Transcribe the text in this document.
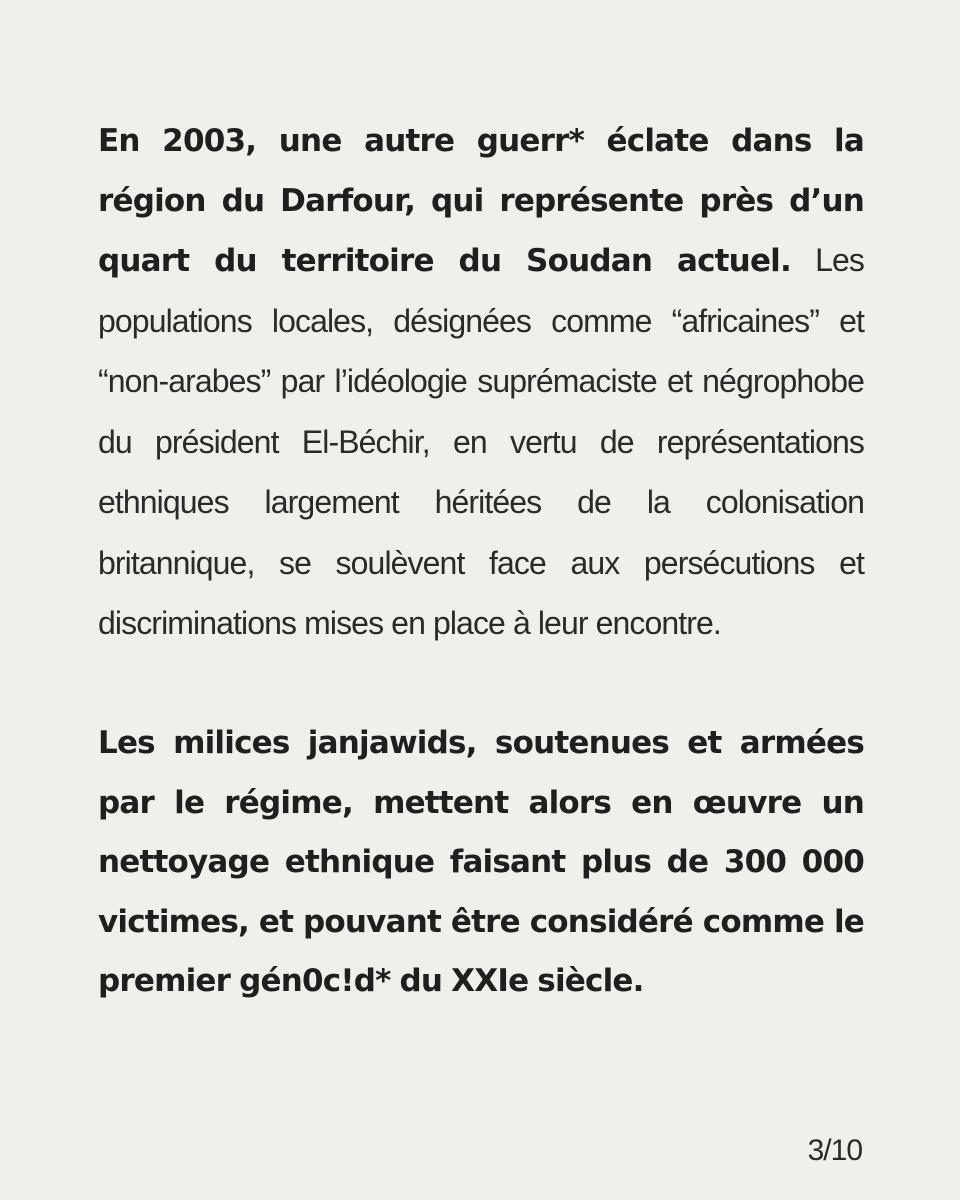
En 2003, une autre guerr* éclate dans la région du Darfour, qui représente près d’un quart du territoire du Soudan actuel. Les populations locales, désignées comme “africaines” et “non-arabes” par l’idéologie suprémaciste et négrophobe du président El-Béchir, en vertu de représentations ethniques largement héritées de la colonisation britannique, se soulèvent face aux persécutions et discriminations mises en place à leur encontre.

Les milices janjawids, soutenues et armées par le régime, mettent alors en œuvre un nettoyage ethnique faisant plus de 300 000 victimes, et pouvant être considéré comme le premier gén0c!d* du XXIe siècle.

3/10
